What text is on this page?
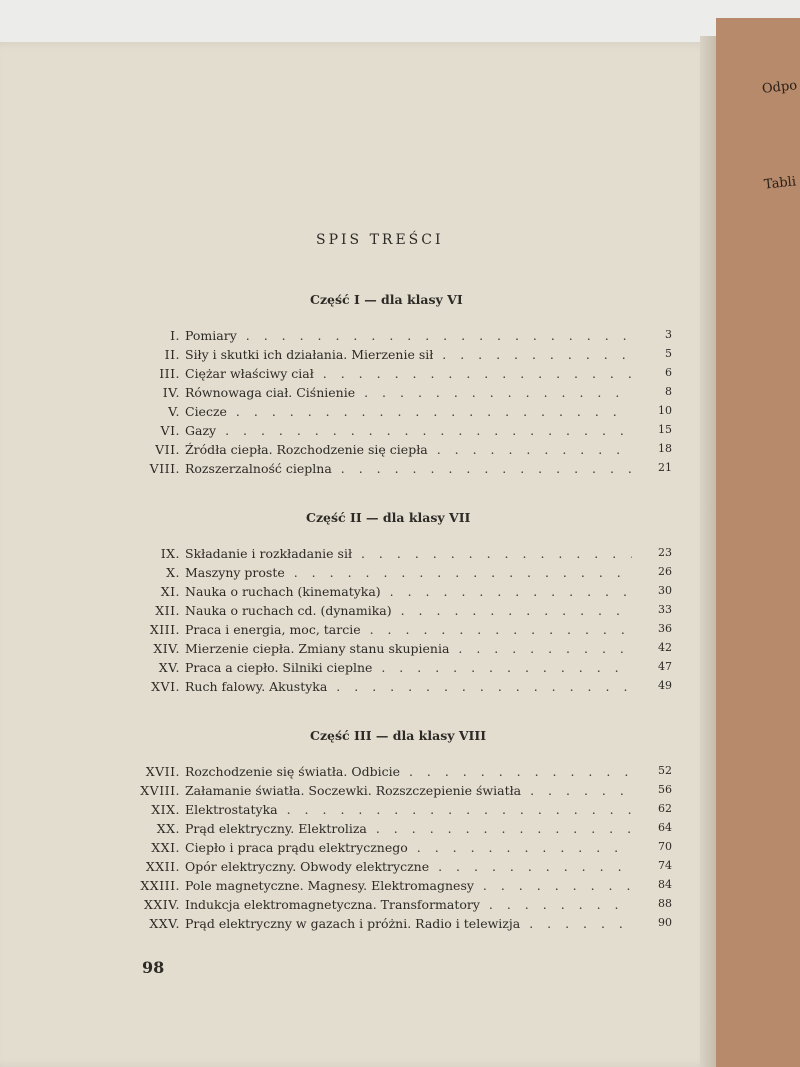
Odpo
Tabli
SPIS TREŚCI
Część I — dla klasy VI
I. Pomiary . . .	3
II. Siły i skutki ich działania. Mierzenie sił . . .	5
III. Ciężar właściwy ciał . . .	6
IV. Równowaga ciał. Ciśnienie . . .	8
V. Ciecze . . .	10
VI. Gazy . . .	15
VII. Źródła ciepła. Rozchodzenie się ciepła . . .	18
VIII. Rozszerzalność cieplna . . .	21
Część II — dla klasy VII
IX. Składanie i rozkładanie sił . . .	23
X. Maszyny proste . . .	26
XI. Nauka o ruchach (kinematyka) . . .	30
XII. Nauka o ruchach cd. (dynamika) . . .	33
XIII. Praca i energia, moc, tarcie . . .	36
XIV. Mierzenie ciepła. Zmiany stanu skupienia . . .	42
XV. Praca a ciepło. Silniki cieplne . . .	47
XVI. Ruch falowy. Akustyka . . .	49
Część III — dla klasy VIII
XVII. Rozchodzenie się światła. Odbicie . . .	52
XVIII. Załamanie światła. Soczewki. Rozszczepienie światła . . .	56
XIX. Elektrostatyka . . .	62
XX. Prąd elektryczny. Elektroliza . . .	64
XXI. Ciepło i praca prądu elektrycznego . . .	70
XXII. Opór elektryczny. Obwody elektryczne . . .	74
XXIII. Pole magnetyczne. Magnesy. Elektromagnesy . . .	84
XXIV. Indukcja elektromagnetyczna. Transformatory . . .	88
XXV. Prąd elektryczny w gazach i próżni. Radio i telewizja . . .	90
98
